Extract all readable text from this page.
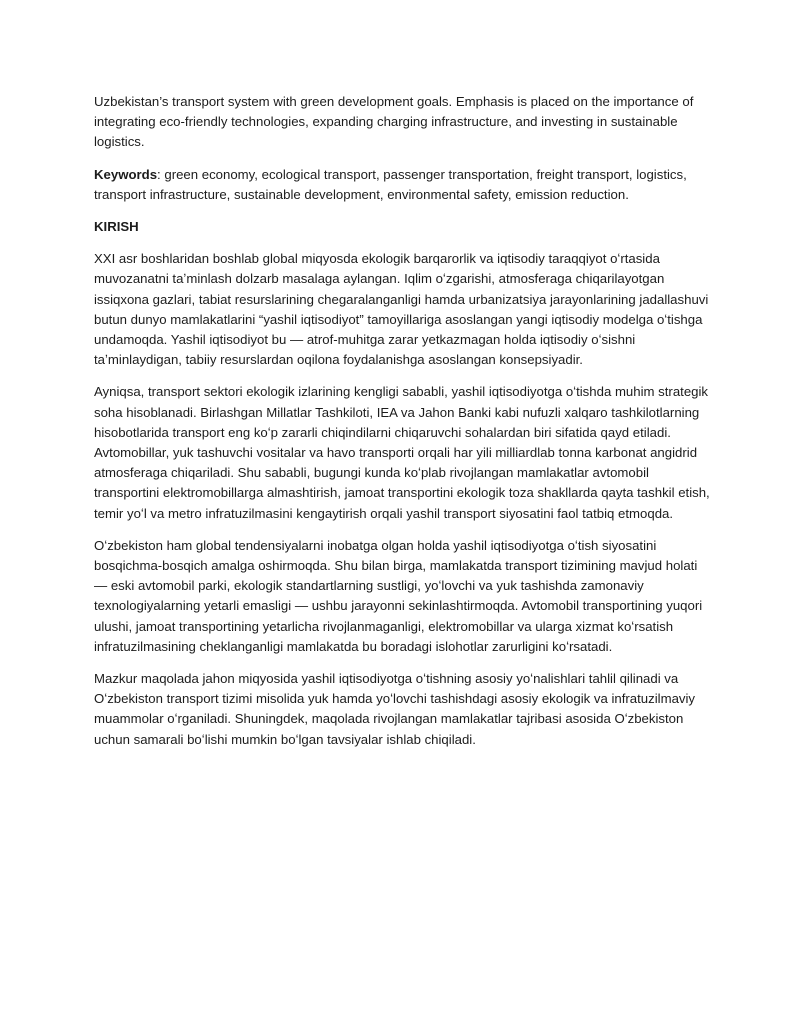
Uzbekistan’s transport system with green development goals. Emphasis is placed on the importance of integrating eco-friendly technologies, expanding charging infrastructure, and investing in sustainable logistics.

Keywords: green economy, ecological transport, passenger transportation, freight transport, logistics, transport infrastructure, sustainable development, environmental safety, emission reduction.

KIRISH

XXI asr boshlaridan boshlab global miqyosda ekologik barqarorlik va iqtisodiy taraqqiyot oʻrtasida muvozanatni taʼminlash dolzarb masalaga aylangan. Iqlim oʻzgarishi, atmosferaga chiqarilayotgan issiqxona gazlari, tabiat resurslarining chegaralanganligi hamda urbanizatsiya jarayonlarining jadallashuvi butun dunyo mamlakatlarini “yashil iqtisodiyot” tamoyillariga asoslangan yangi iqtisodiy modelga oʻtishga undamoqda. Yashil iqtisodiyot bu — atrof-muhitga zarar yetkazmagan holda iqtisodiy oʻsishni taʼminlaydigan, tabiiy resurslardan oqilona foydalanishga asoslangan konsepsiyadir.

Ayniqsa, transport sektori ekologik izlarining kengligi sababli, yashil iqtisodiyotga oʻtishda muhim strategik soha hisoblanadi. Birlashgan Millatlar Tashkiloti, IEA va Jahon Banki kabi nufuzli xalqaro tashkilotlarning hisobotlarida transport eng koʻp zararli chiqindilarni chiqaruvchi sohalardan biri sifatida qayd etiladi. Avtomobillar, yuk tashuvchi vositalar va havo transporti orqali har yili milliardlab tonna karbonat angidrid atmosferaga chiqariladi. Shu sababli, bugungi kunda koʻplab rivojlangan mamlakatlar avtomobil transportini elektromobillarga almashtirish, jamoat transportini ekologik toza shakllarda qayta tashkil etish, temir yoʻl va metro infratuzilmasini kengaytirish orqali yashil transport siyosatini faol tatbiq etmoqda.

Oʻzbekiston ham global tendensiyalarni inobatga olgan holda yashil iqtisodiyotga oʻtish siyosatini bosqichma-bosqich amalga oshirmoqda. Shu bilan birga, mamlakatda transport tizimining mavjud holati — eski avtomobil parki, ekologik standartlarning sustligi, yoʻlovchi va yuk tashishda zamonaviy texnologiyalarning yetarli emasligi — ushbu jarayonni sekinlashtirmoqda. Avtomobil transportining yuqori ulushi, jamoat transportining yetarlicha rivojlanmaganligi, elektromobillar va ularga xizmat koʻrsatish infratuzilmasining cheklanganligi mamlakatda bu boradagi islohotlar zarurligini koʻrsatadi.

Mazkur maqolada jahon miqyosida yashil iqtisodiyotga oʻtishning asosiy yoʻnalishlari tahlil qilinadi va Oʻzbekiston transport tizimi misolida yuk hamda yoʻlovchi tashishdagi asosiy ekologik va infratuzilmaviy muammolar oʻrganiladi. Shuningdek, maqolada rivojlangan mamlakatlar tajribasi asosida Oʻzbekiston uchun samarali boʻlishi mumkin boʻlgan tavsiyalar ishlab chiqiladi.
